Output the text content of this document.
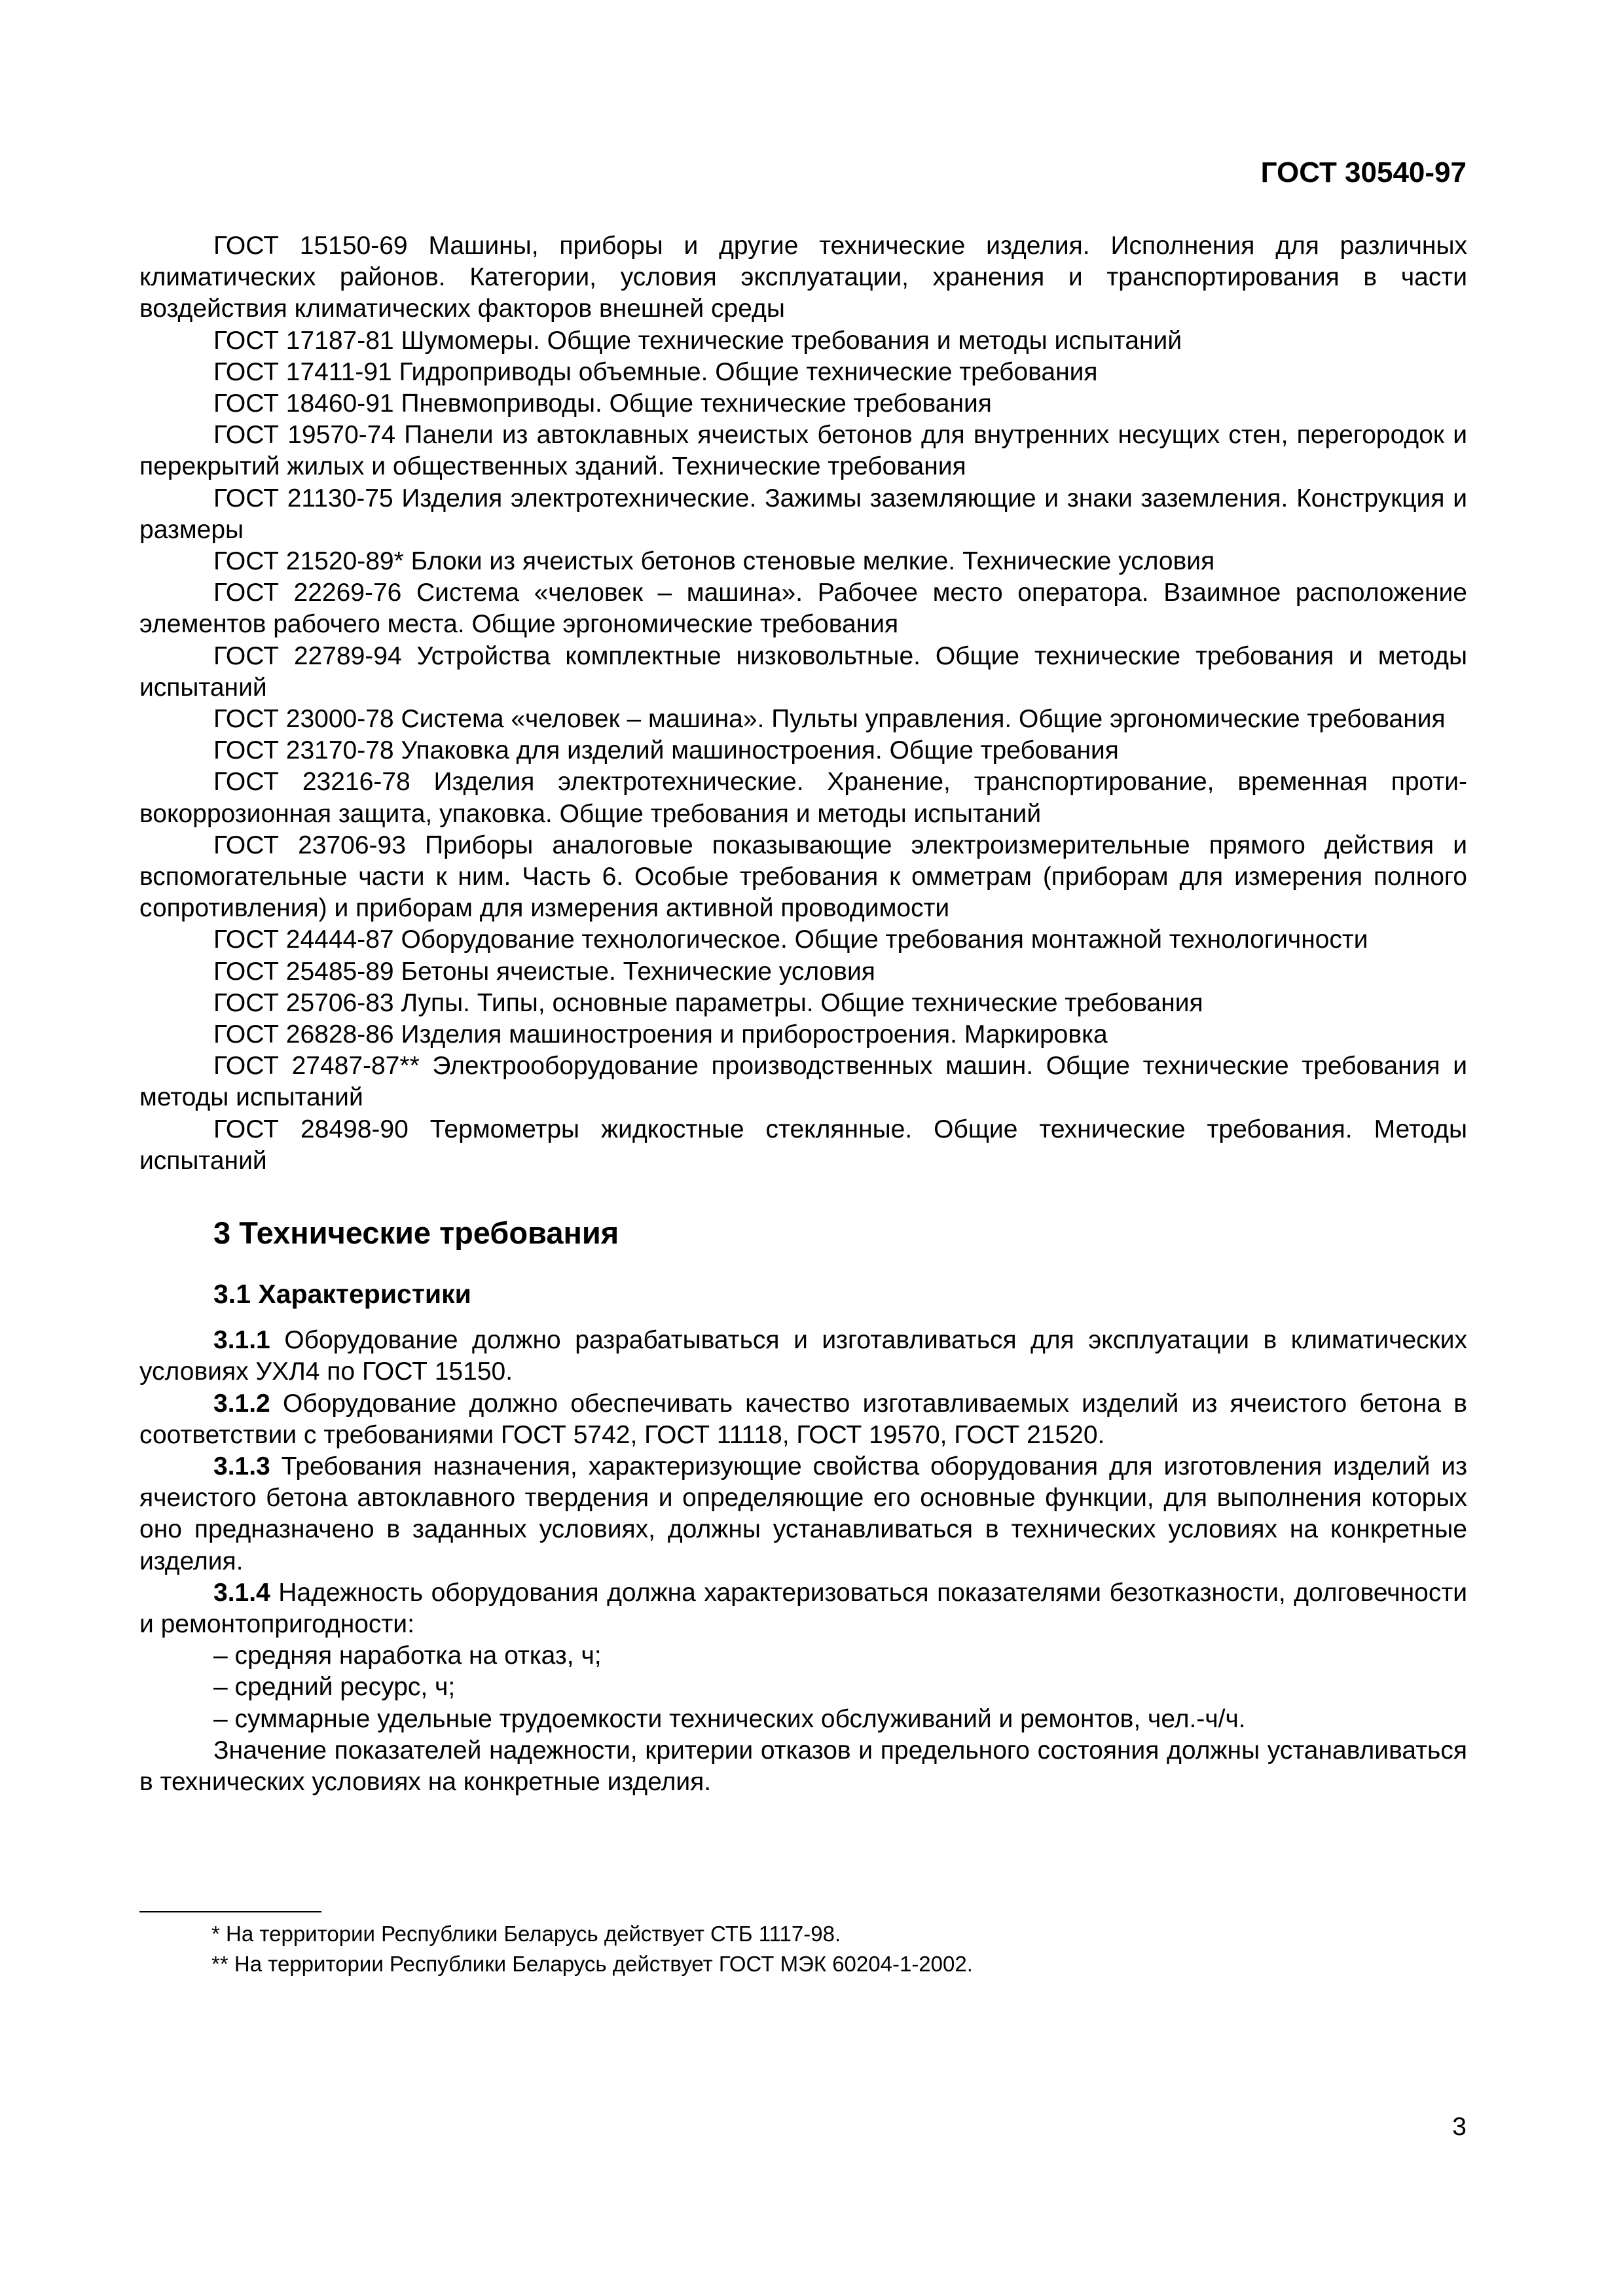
ГОСТ 30540-97

ГОСТ 15150-69 Машины, приборы и другие технические изделия. Исполнения для различных климатических районов. Категории, условия эксплуатации, хранения и транспортирования в части воздействия климатических факторов внешней среды

ГОСТ 17187-81 Шумомеры. Общие технические требования и методы испытаний

ГОСТ 17411-91 Гидроприводы объемные. Общие технические требования

ГОСТ 18460-91 Пневмоприводы. Общие технические требования

ГОСТ 19570-74 Панели из автоклавных ячеистых бетонов для внутренних несущих стен, перегородок и перекрытий жилых и общественных зданий. Технические требования

ГОСТ 21130-75 Изделия электротехнические. Зажимы заземляющие и знаки заземления. Конструкция и размеры

ГОСТ 21520-89* Блоки из ячеистых бетонов стеновые мелкие. Технические условия

ГОСТ 22269-76 Система «человек – машина». Рабочее место оператора. Взаимное расположение элементов рабочего места. Общие эргономические требования

ГОСТ 22789-94 Устройства комплектные низковольтные. Общие технические требования и методы испытаний

ГОСТ 23000-78 Система «человек – машина». Пульты управления. Общие эргономические требования

ГОСТ 23170-78 Упаковка для изделий машиностроения. Общие требования

ГОСТ 23216-78 Изделия электротехнические. Хранение, транспортирование, временная противокоррозионная защита, упаковка. Общие требования и методы испытаний

ГОСТ 23706-93 Приборы аналоговые показывающие электроизмерительные прямого действия и вспомогательные части к ним. Часть 6. Особые требования к омметрам (приборам для измерения полного сопротивления) и приборам для измерения активной проводимости

ГОСТ 24444-87 Оборудование технологическое. Общие требования монтажной технологичности

ГОСТ 25485-89 Бетоны ячеистые. Технические условия

ГОСТ 25706-83 Лупы. Типы, основные параметры. Общие технические требования

ГОСТ 26828-86 Изделия машиностроения и приборостроения. Маркировка

ГОСТ 27487-87** Электрооборудование производственных машин. Общие технические требования и методы испытаний

ГОСТ 28498-90 Термометры жидкостные стеклянные. Общие технические требования. Методы испытаний

3 Технические требования
3.1 Характеристики

3.1.1 Оборудование должно разрабатываться и изготавливаться для эксплуатации в климатических условиях УХЛ4 по ГОСТ 15150.

3.1.2 Оборудование должно обеспечивать качество изготавливаемых изделий из ячеистого бетона в соответствии с требованиями ГОСТ 5742, ГОСТ 11118, ГОСТ 19570, ГОСТ 21520.

3.1.3 Требования назначения, характеризующие свойства оборудования для изготовления изделий из ячеистого бетона автоклавного твердения и определяющие его основные функции, для выполнения которых оно предназначено в заданных условиях, должны устанавливаться в технических условиях на конкретные изделия.

3.1.4 Надежность оборудования должна характеризоваться показателями безотказности, долговечности и ремонтопригодности:

– средняя наработка на отказ, ч;

– средний ресурс, ч;

– суммарные удельные трудоемкости технических обслуживаний и ремонтов, чел.-ч/ч.

Значение показателей надежности, критерии отказов и предельного состояния должны устанавливаться в технических условиях на конкретные изделия.

* На территории Республики Беларусь действует СТБ 1117-98.

** На территории Республики Беларусь действует ГОСТ МЭК 60204-1-2002.

3
